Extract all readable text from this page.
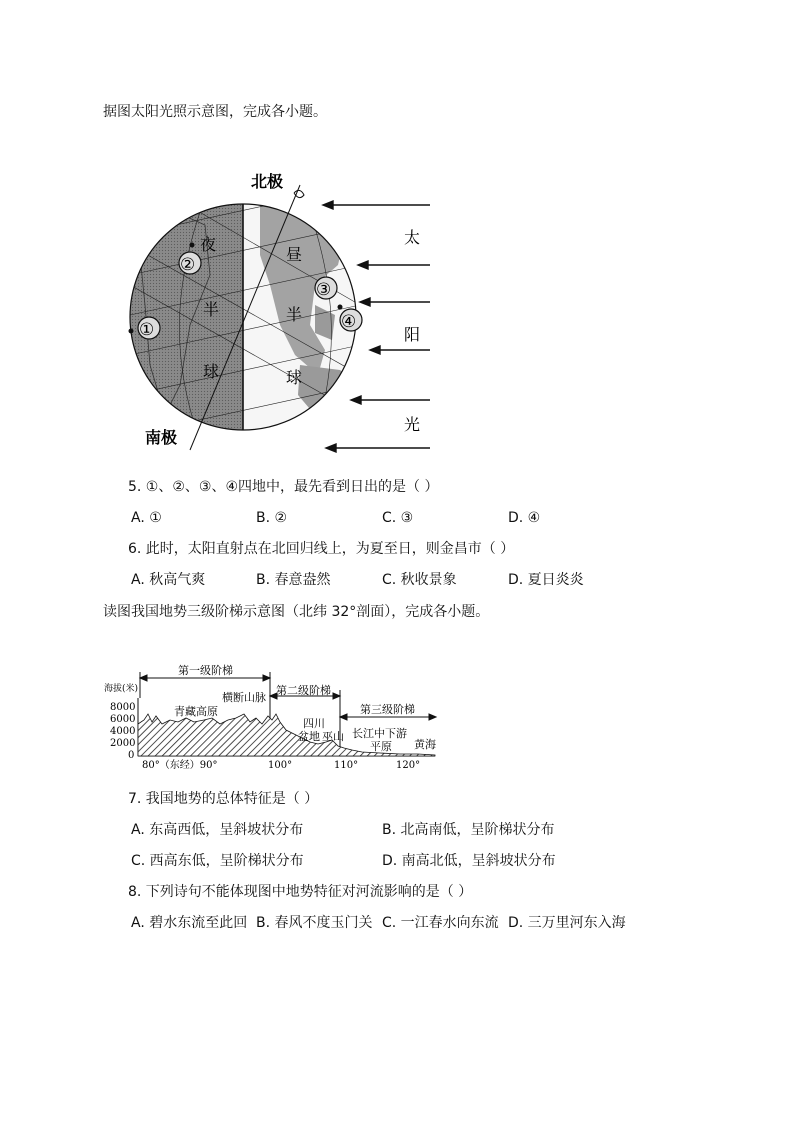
据图太阳光照示意图，完成各小题。
北极
南极
夜
半
球
昼
半
球
①
②
③
④
太
阳
光
5. ①、②、③、④四地中，最先看到日出的是（ ）
A. ①	B. ②	C. ③	D. ④
6. 此时，太阳直射点在北回归线上，为夏至日，则金昌市（ ）
A. 秋高气爽	B. 春意盎然	C. 秋收景象	D. 夏日炎炎
读图我国地势三级阶梯示意图（北纬 32°剖面），完成各小题。
第一级阶梯
第二级阶梯
第三级阶梯
海拔(米)
8000
6000
4000
2000
0
青藏高原
横断山脉
四川
盆地 巫山 长江中下游
平原 黄海
80°（东经）90°	100°	110°	120°
7. 我国地势的总体特征是（ ）
A. 东高西低，呈斜坡状分布	B. 北高南低，呈阶梯状分布
C. 西高东低，呈阶梯状分布	D. 南高北低，呈斜坡状分布
8. 下列诗句不能体现图中地势特征对河流影响的是（ ）
A. 碧水东流至此回 B. 春风不度玉门关 C. 一江春水向东流 D. 三万里河东入海
